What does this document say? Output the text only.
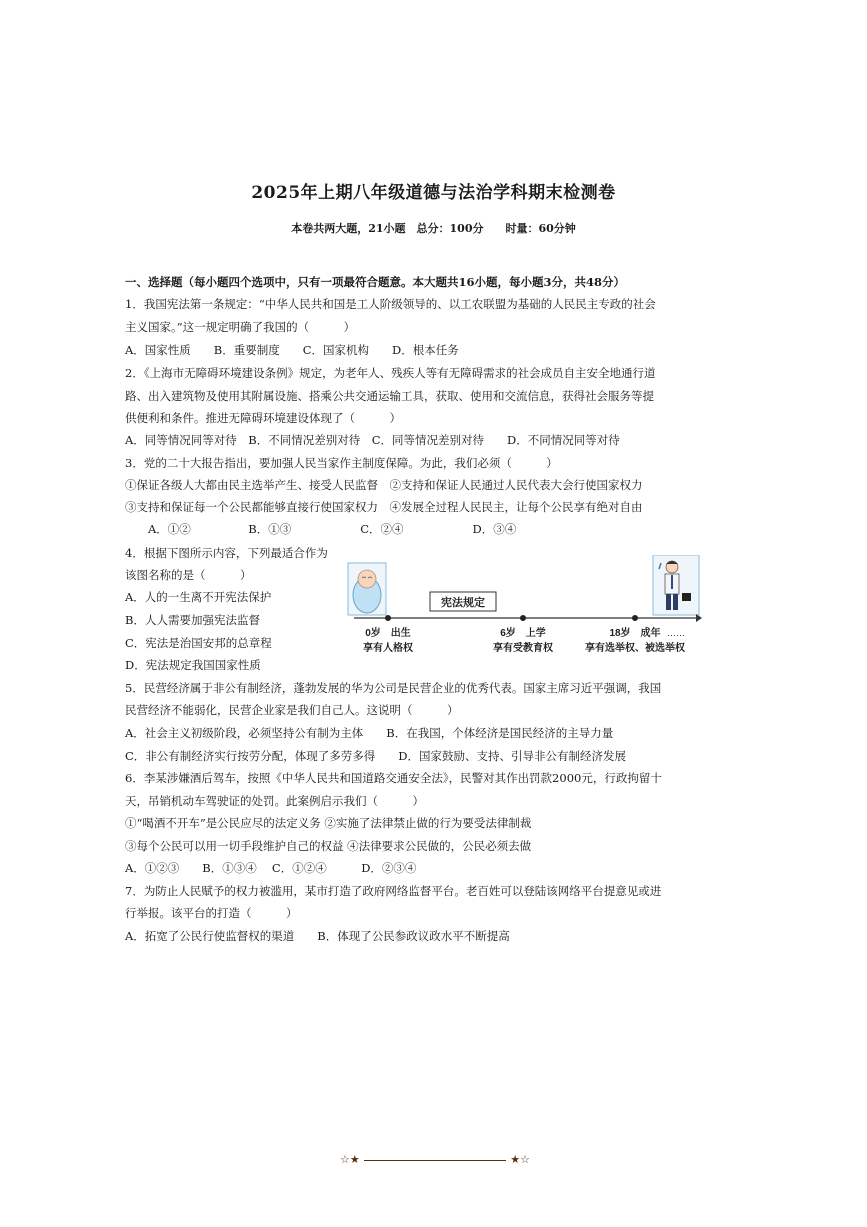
2025年上期八年级道德与法治学科期末检测卷
本卷共两大题，21小题　总分：100分　　时量：60分钟
一、选择题（每小题四个选项中，只有一项最符合题意。本大题共16小题，每小题3分，共48分）
1．我国宪法第一条规定：“中华人民共和国是工人阶级领导的、以工农联盟为基础的人民民主专政的社会
主义国家。”这一规定明确了我国的（　　　）
A．国家性质　　B．重要制度　　C．国家机构　　D．根本任务
2．《上海市无障碍环境建设条例》规定，为老年人、残疾人等有无障碍需求的社会成员自主安全地通行道
路、出入建筑物及使用其附属设施、搭乘公共交通运输工具，获取、使用和交流信息，获得社会服务等提
供便利和条件。推进无障碍环境建设体现了（　　　）
A．同等情况同等对待　B．不同情况差别对待　C．同等情况差别对待　　D．不同情况同等对待
3．党的二十大报告指出，要加强人民当家作主制度保障。为此，我们必须（　　　）
①保证各级人大都由民主选举产生、接受人民监督　②支持和保证人民通过人民代表大会行使国家权力
③支持和保证每一个公民都能够直接行使国家权力　④发展全过程人民民主，让每个公民享有绝对自由
　　A．①②　　　　　B．①③　　　　　　C．②④　　　　　　D．③④
4．根据下图所示内容，下列最适合作为
该图名称的是（　　　）
A．人的一生离不开宪法保护
B．人人需要加强宪法监督
C．宪法是治国安邦的总章程
D．宪法规定我国国家性质
5．民营经济属于非公有制经济，蓬勃发展的华为公司是民营企业的优秀代表。国家主席习近平强调，我国
民营经济不能弱化，民营企业家是我们自己人。这说明（　　　）
A．社会主义初级阶段，必须坚持公有制为主体　　B．在我国，个体经济是国民经济的主导力量
C．非公有制经济实行按劳分配，体现了多劳多得　　D．国家鼓励、支持、引导非公有制经济发展
6．李某涉嫌酒后驾车，按照《中华人民共和国道路交通安全法》，民警对其作出罚款2000元，行政拘留十
天，吊销机动车驾驶证的处罚。此案例启示我们（　　　）
①“喝酒不开车”是公民应尽的法定义务 ②实施了法律禁止做的行为要受法律制裁
③每个公民可以用一切手段维护自己的权益 ④法律要求公民做的，公民必须去做
A．①②③　　B．①③④　 C．①②④　　　D．②③④
7．为防止人民赋予的权力被滥用，某市打造了政府网络监督平台。老百姓可以登陆该网络平台提意见或进
行举报。该平台的打造（　　　）
A．拓宽了公民行使监督权的渠道　　B．体现了公民参政议政水平不断提高
宪法规定
……
0岁　出生
享有人格权
6岁　上学
享有受教育权
18岁　成年
享有选举权、被选举权
☆★	★☆
